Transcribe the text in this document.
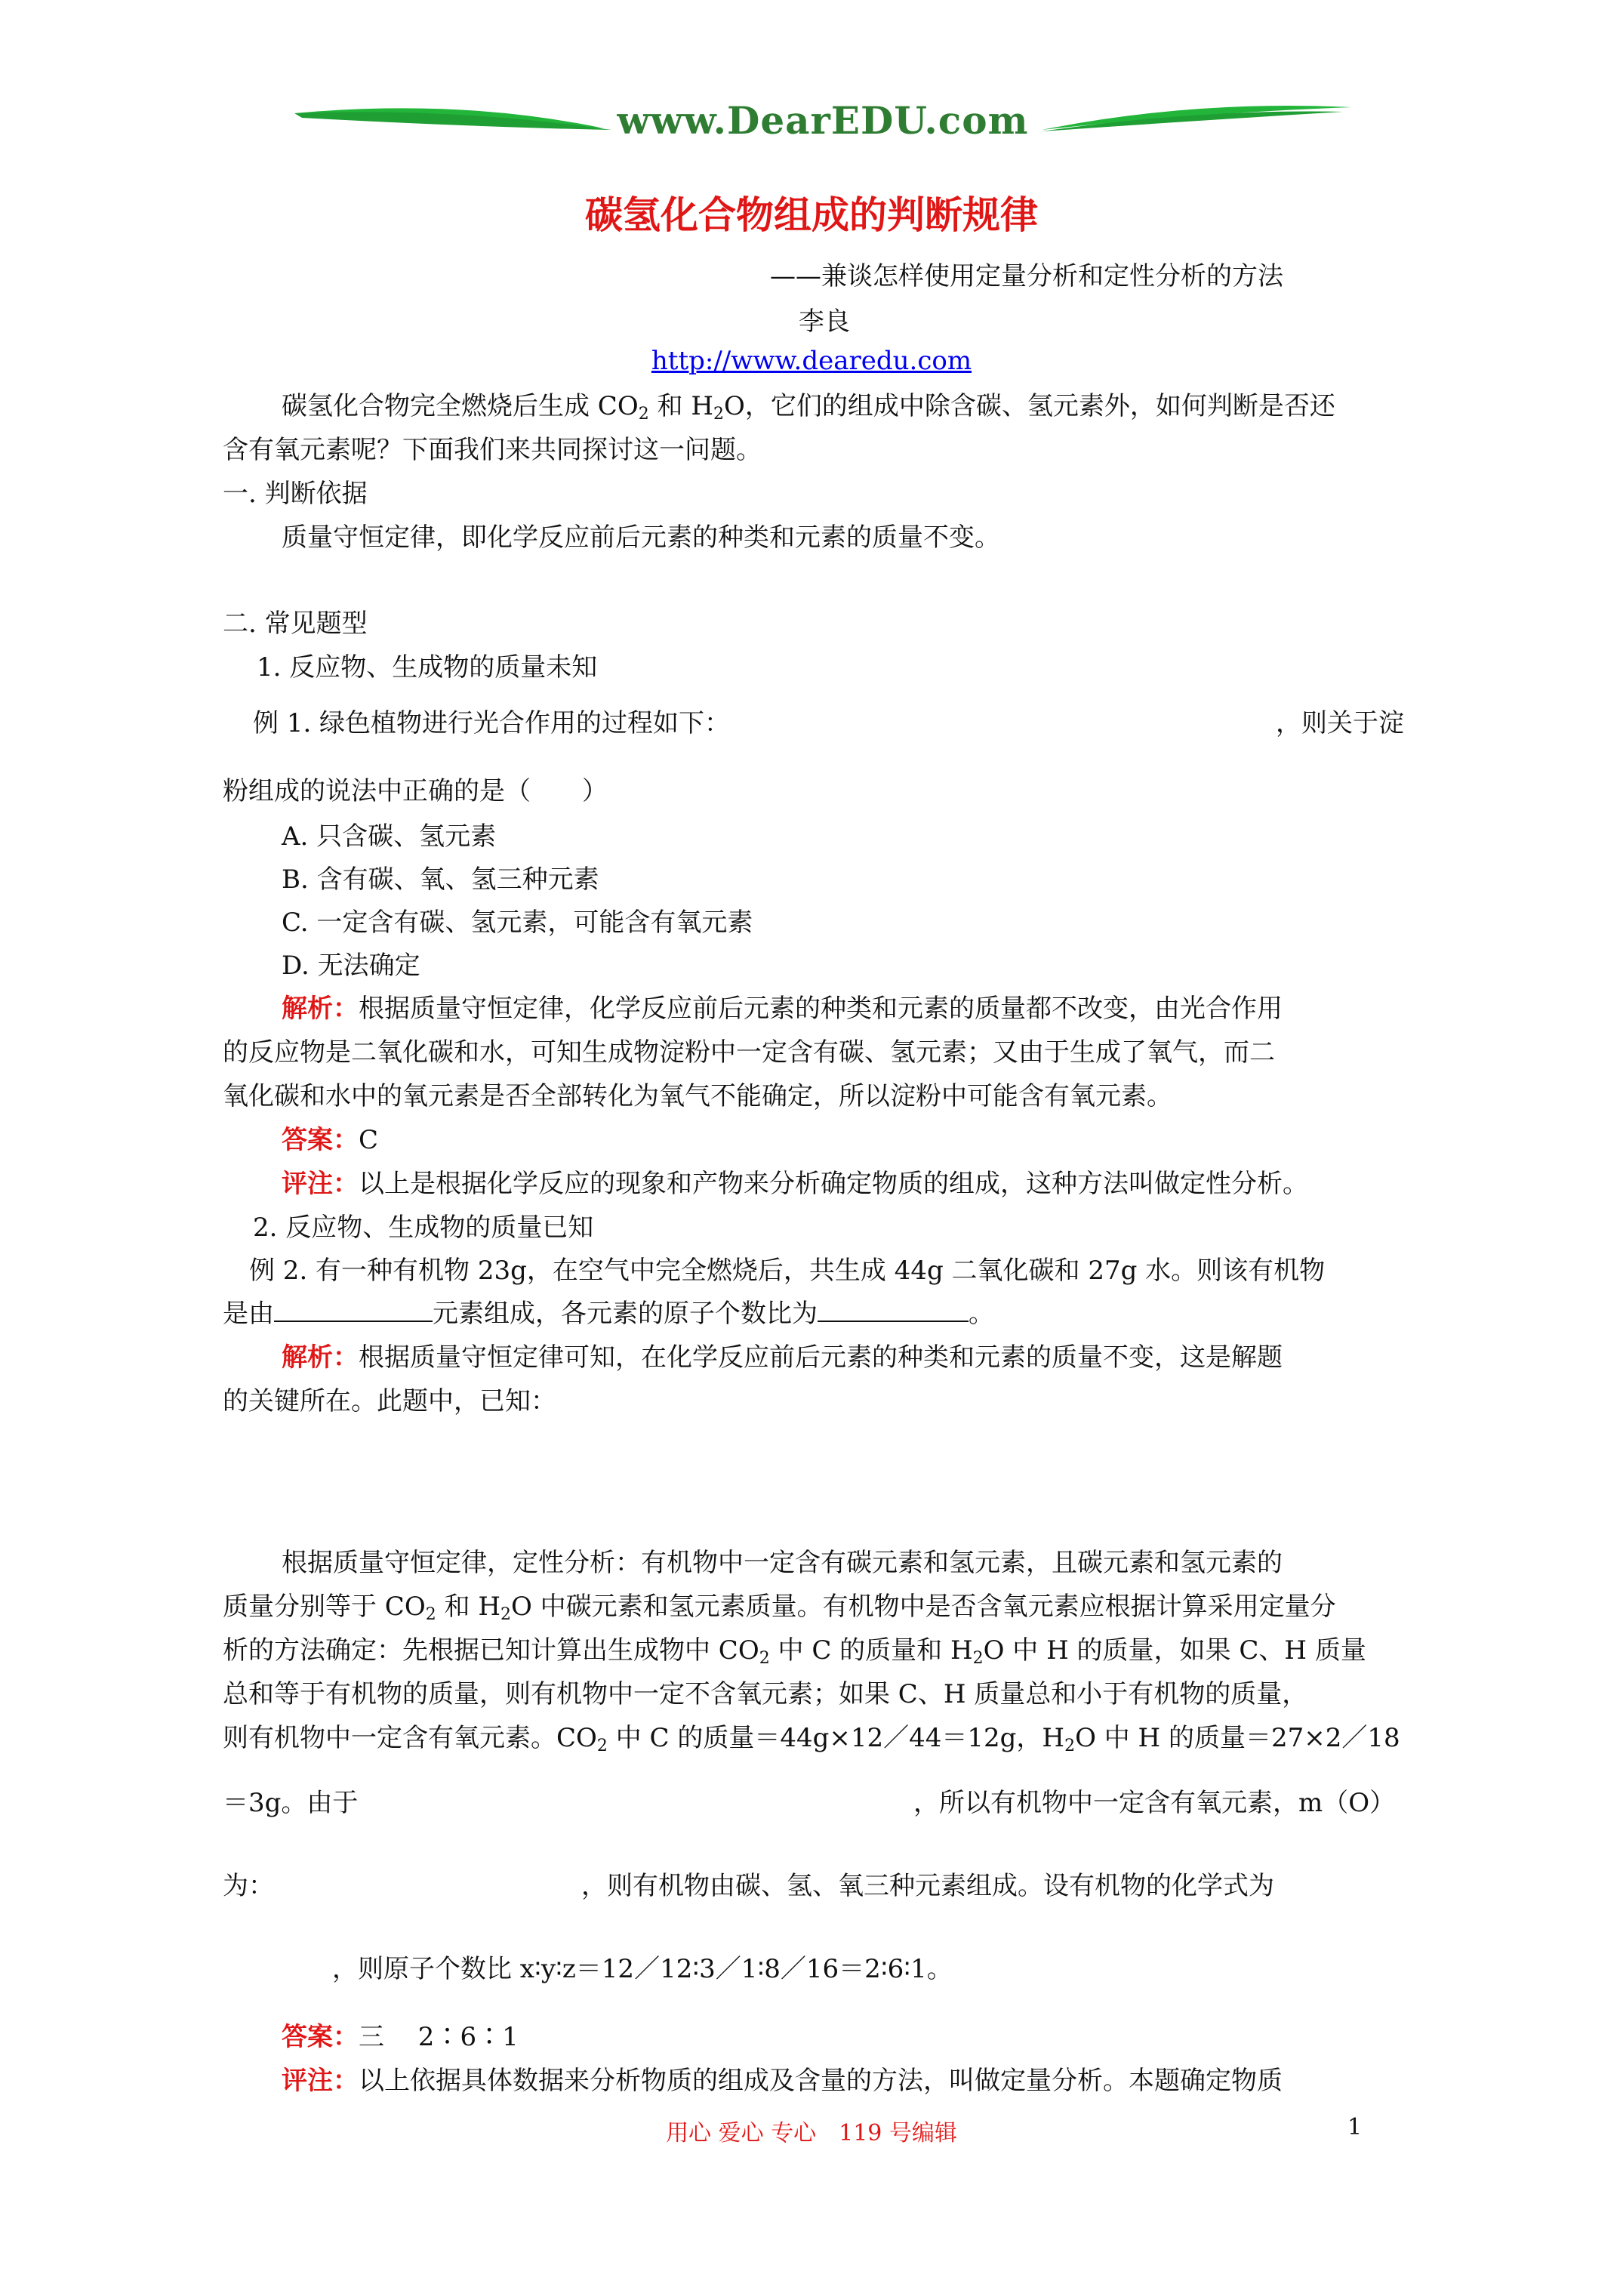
www.DearEDU.com
碳氢化合物组成的判断规律
——兼谈怎样使用定量分析和定性分析的方法
李良
http://www.dearedu.com
碳氢化合物完全燃烧后生成 $CO_2$ 和 $H_2O$，它们的组成中除含碳、氢元素外，如何判断是否还
含有氧元素呢？下面我们来共同探讨这一问题。
一. 判断依据
质量守恒定律，即化学反应前后元素的种类和元素的质量不变。
二. 常见题型
1. 反应物、生成物的质量未知
例 1. 绿色植物进行光合作用的过程如下：	，则关于淀
粉组成的说法中正确的是（　　）
A. 只含碳、氢元素
B. 含有碳、氧、氢三种元素
C. 一定含有碳、氢元素，可能含有氧元素
D. 无法确定
解析：根据质量守恒定律，化学反应前后元素的种类和元素的质量都不改变，由光合作用
的反应物是二氧化碳和水，可知生成物淀粉中一定含有碳、氢元素；又由于生成了氧气，而二
氧化碳和水中的氧元素是否全部转化为氧气不能确定，所以淀粉中可能含有氧元素。
答案：C
评注：以上是根据化学反应的现象和产物来分析确定物质的组成，这种方法叫做定性分析。
2. 反应物、生成物的质量已知
例 2. 有一种有机物 23g，在空气中完全燃烧后，共生成 44g 二氧化碳和 27g 水。则该有机物
是由	元素组成，各元素的原子个数比为	。
解析：根据质量守恒定律可知，在化学反应前后元素的种类和元素的质量不变，这是解题
的关键所在。此题中，已知：
根据质量守恒定律，定性分析：有机物中一定含有碳元素和氢元素，且碳元素和氢元素的
质量分别等于 $CO_2$ 和 $H_2O$ 中碳元素和氢元素质量。有机物中是否含氧元素应根据计算采用定量分
析的方法确定：先根据已知计算出生成物中 $CO_2$ 中 C 的质量和 $H_2O$ 中 H 的质量，如果 C、H 质量
总和等于有机物的质量，则有机物中一定不含氧元素；如果 C、H 质量总和小于有机物的质量，
则有机物中一定含有氧元素。$CO_2$ 中 C 的质量＝44g×12／44＝12g，$H_2O$ 中 H 的质量＝27×2／18
＝3g。由于	，所以有机物中一定含有氧元素，m（O）
为：	，则有机物由碳、氢、氧三种元素组成。设有机物的化学式为
，则原子个数比 x∶y∶z＝12／12∶3／1∶8／16＝2∶6∶1。
答案：三　 2∶6∶1
评注：以上依据具体数据来分析物质的组成及含量的方法，叫做定量分析。本题确定物质
用心 爱心 专心　119 号编辑	1
